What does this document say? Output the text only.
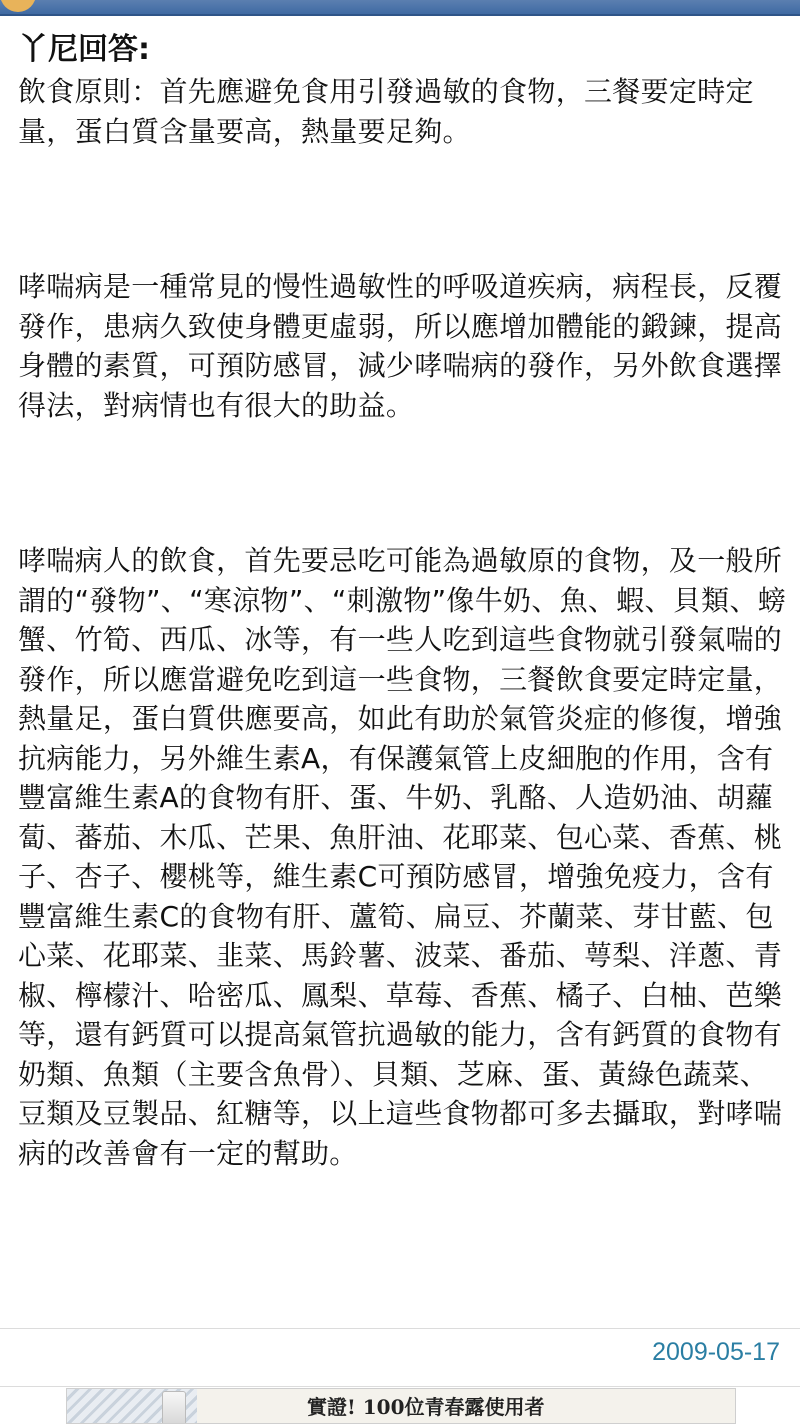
丫尼回答:

飲食原則：首先應避免食用引發過敏的食物，三餐要定時定量，蛋白質含量要高，熱量要足夠。

哮喘病是一種常見的慢性過敏性的呼吸道疾病，病程長，反覆發作，患病久致使身體更虛弱，所以應增加體能的鍛鍊，提高身體的素質，可預防感冒，減少哮喘病的發作，另外飲食選擇得法，對病情也有很大的助益。

哮喘病人的飲食，首先要忌吃可能為過敏原的食物，及一般所謂的“發物”、“寒涼物”、“刺激物”像牛奶、魚、蝦、貝類、螃蟹、竹筍、西瓜、冰等，有一些人吃到這些食物就引發氣喘的發作，所以應當避免吃到這一些食物，三餐飲食要定時定量，熱量足，蛋白質供應要高，如此有助於氣管炎症的修復，增強抗病能力，另外維生素A，有保護氣管上皮細胞的作用，含有豐富維生素A的食物有肝、蛋、牛奶、乳酪、人造奶油、胡蘿蔔、蕃茄、木瓜、芒果、魚肝油、花耶菜、包心菜、香蕉、桃子、杏子、櫻桃等，維生素C可預防感冒，增強免疫力，含有豐富維生素C的食物有肝、蘆筍、扁豆、芥蘭菜、芽甘藍、包心菜、花耶菜、韭菜、馬鈴薯、波菜、番茄、萼梨、洋蔥、青椒、檸檬汁、哈密瓜、鳳梨、草莓、香蕉、橘子、白柚、芭樂等，還有鈣質可以提高氣管抗過敏的能力，含有鈣質的食物有奶類、魚類（主要含魚骨）、貝類、芝麻、蛋、黃綠色蔬菜、豆類及豆製品、紅糖等，以上這些食物都可多去攝取，對哮喘病的改善會有一定的幫助。

2009-05-17
實證! 100位青春露使用者
